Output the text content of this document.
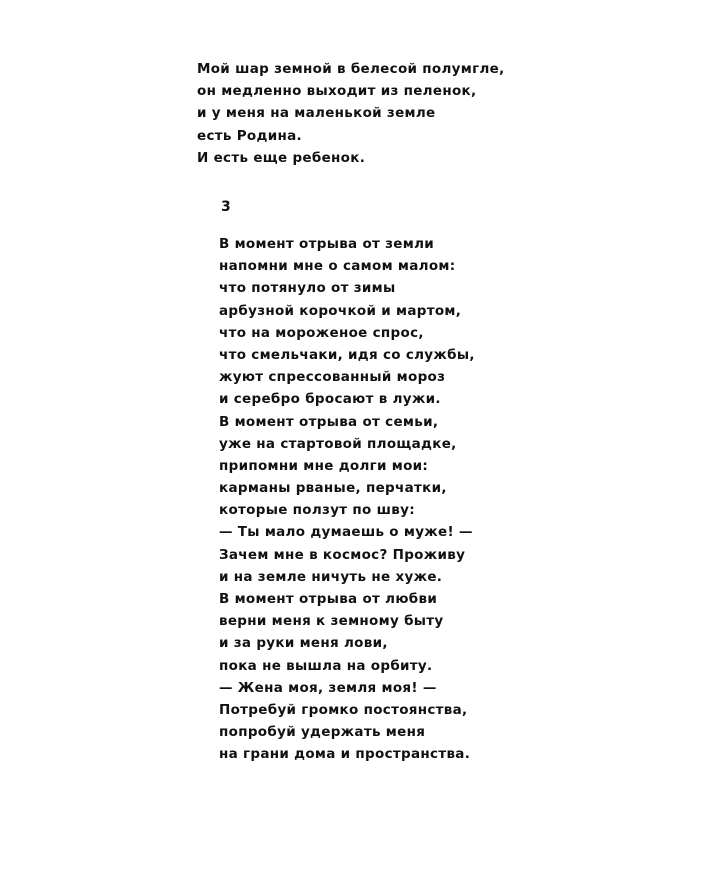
Мой шар земной в белесой полумгле,
он медленно выходит из пеленок,
и у меня на маленькой земле
есть Родина.
И есть еще ребенок.
3
В момент отрыва от земли
напомни мне о самом малом:
что потянуло от зимы
арбузной корочкой и мартом,
что на мороженое спрос,
что смельчаки, идя со службы,
жуют спрессованный мороз
и серебро бросают в лужи.
В момент отрыва от семьи,
уже на стартовой площадке,
припомни мне долги мои:
карманы рваные, перчатки,
которые ползут по шву:
— Ты мало думаешь о муже! —
Зачем мне в космос? Проживу
и на земле ничуть не хуже.
В момент отрыва от любви
верни меня к земному быту
и за руки меня лови,
пока не вышла на орбиту.
— Жена моя, земля моя! —
Потребуй громко постоянства,
попробуй удержать меня
на грани дома и пространства.
